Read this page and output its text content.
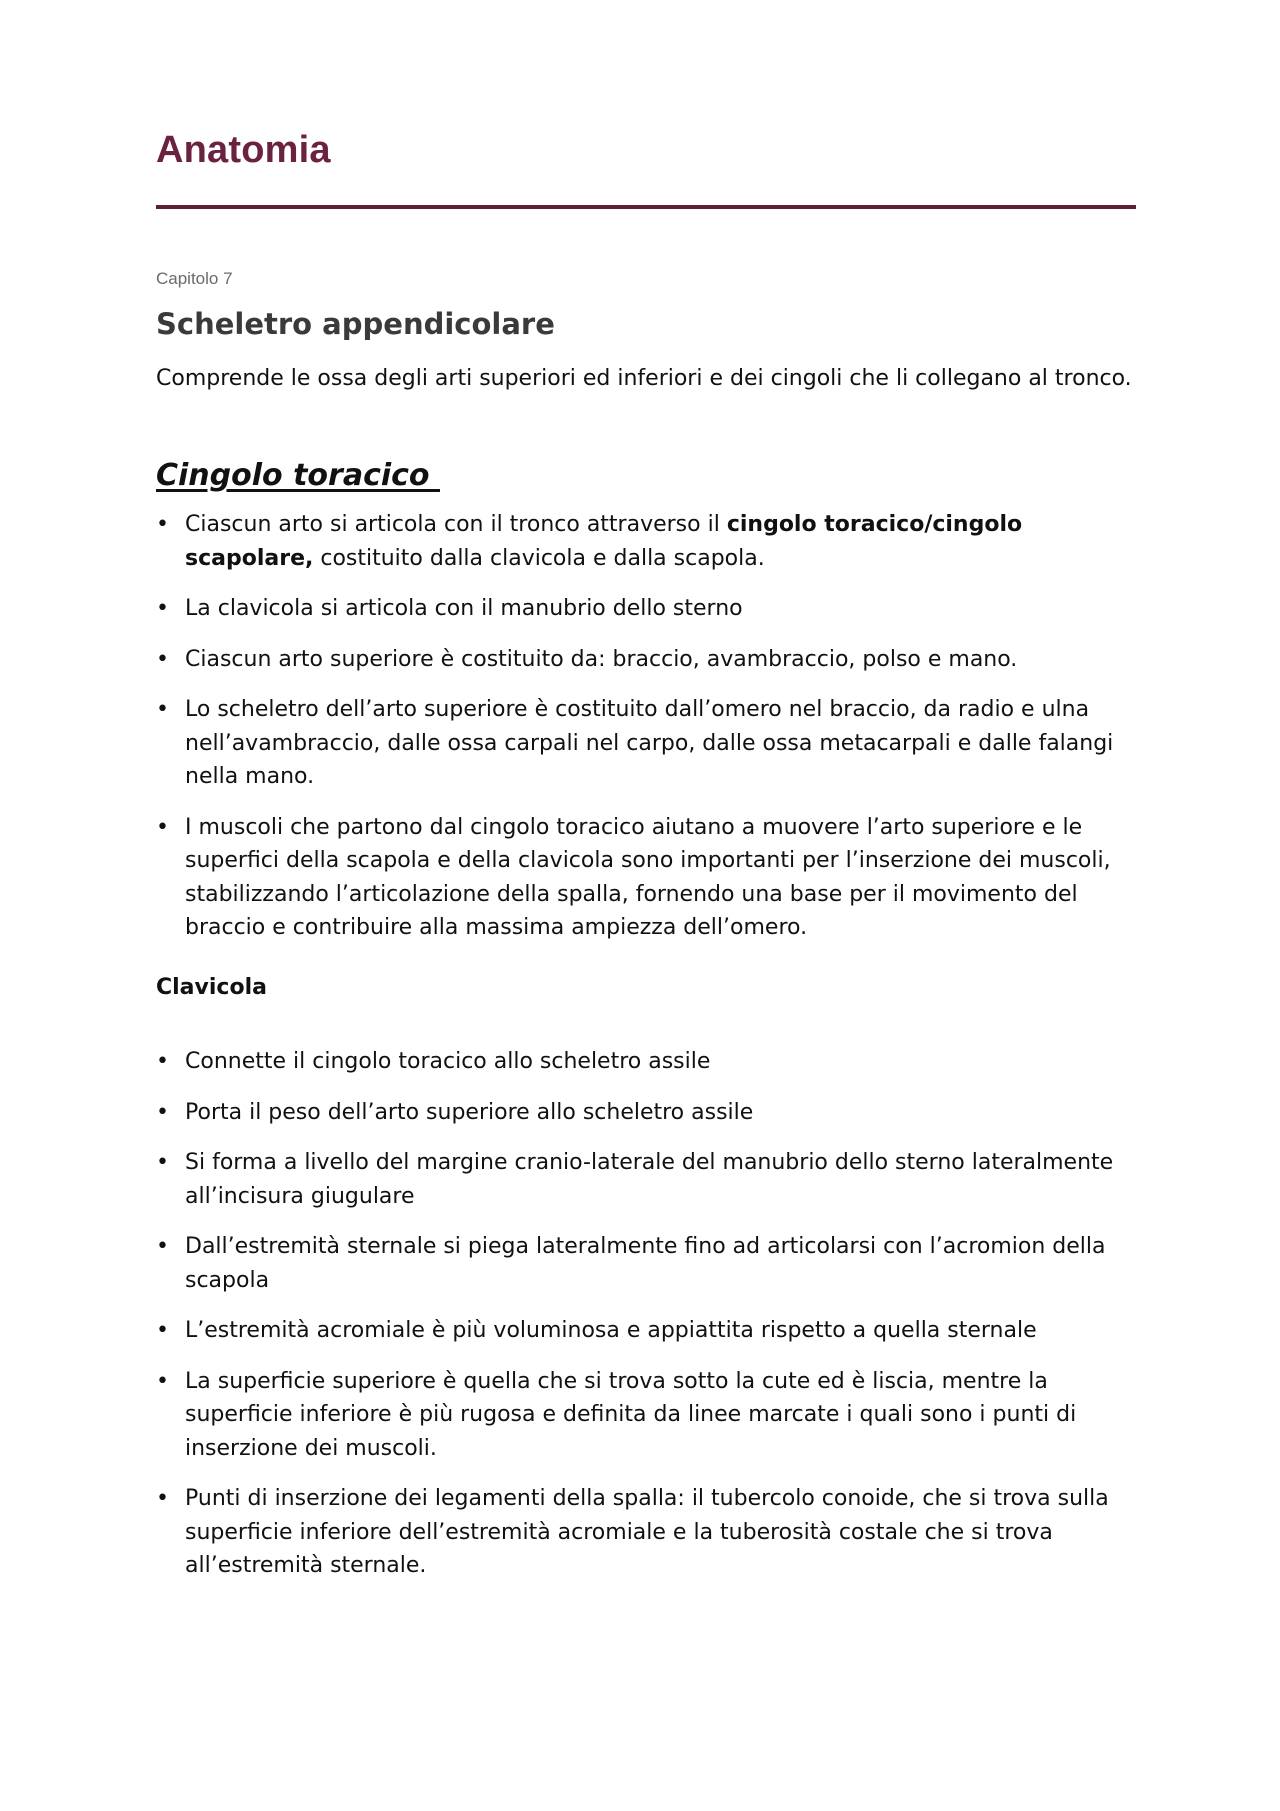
Anatomia
Capitolo 7
Scheletro appendicolare

Comprende le ossa degli arti superiori ed inferiori e dei cingoli che li collegano al tronco.

Cingolo toracico
• Ciascun arto si articola con il tronco attraverso il cingolo toracico/cingolo scapolare, costituito dalla clavicola e dalla scapola.
• La clavicola si articola con il manubrio dello sterno
• Ciascun arto superiore è costituito da: braccio, avambraccio, polso e mano.
• Lo scheletro dell’arto superiore è costituito dall’omero nel braccio, da radio e ulna nell’avambraccio, dalle ossa carpali nel carpo, dalle ossa metacarpali e dalle falangi nella mano.
• I muscoli che partono dal cingolo toracico aiutano a muovere l’arto superiore e le superfici della scapola e della clavicola sono importanti per l’inserzione dei muscoli, stabilizzando l’articolazione della spalla, fornendo una base per il movimento del braccio e contribuire alla massima ampiezza dell’omero.
Clavicola
• Connette il cingolo toracico allo scheletro assile
• Porta il peso dell’arto superiore allo scheletro assile
• Si forma a livello del margine cranio-laterale del manubrio dello sterno lateralmente all’incisura giugulare
• Dall’estremità sternale si piega lateralmente fino ad articolarsi con l’acromion della scapola
• L’estremità acromiale è più voluminosa e appiattita rispetto a quella sternale
• La superficie superiore è quella che si trova sotto la cute ed è liscia, mentre la superficie inferiore è più rugosa e definita da linee marcate i quali sono i punti di inserzione dei muscoli.
• Punti di inserzione dei legamenti della spalla: il tubercolo conoide, che si trova sulla superficie inferiore dell’estremità acromiale e la tuberosità costale che si trova all’estremità sternale.
